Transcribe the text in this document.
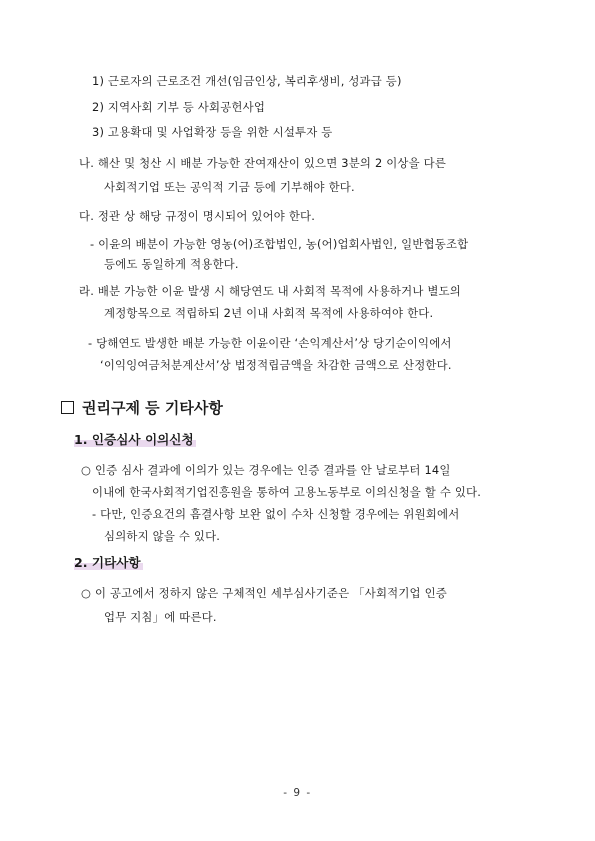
1) 근로자의 근로조건 개선(임금인상, 복리후생비, 성과급 등)
2) 지역사회 기부 등 사회공헌사업
3) 고용확대 및 사업확장 등을 위한 시설투자 등
나. 해산 및 청산 시 배분 가능한 잔여재산이 있으면 3분의 2 이상을 다른
사회적기업 또는 공익적 기금 등에 기부해야 한다.
다. 정관 상 해당 규정이 명시되어 있어야 한다.
- 이윤의 배분이 가능한 영농(어)조합법인, 농(어)업회사법인, 일반협동조합
등에도 동일하게 적용한다.
라. 배분 가능한 이윤 발생 시 해당연도 내 사회적 목적에 사용하거나 별도의
계정항목으로 적립하되 2년 이내 사회적 목적에 사용하여야 한다.
- 당해연도 발생한 배분 가능한 이윤이란 ‘손익계산서’상 당기순이익에서
‘이익잉여금처분계산서’상 법정적립금액을 차감한 금액으로 산정한다.
권리구제 등 기타사항
1. 인증심사 이의신청
○ 인증 심사 결과에 이의가 있는 경우에는 인증 결과를 안 날로부터 14일
이내에 한국사회적기업진흥원을 통하여 고용노동부로 이의신청을 할 수 있다.
- 다만, 인증요건의 흠결사항 보완 없이 수차 신청할 경우에는 위원회에서
심의하지 않을 수 있다.
2. 기타사항
○ 이 공고에서 정하지 않은 구체적인 세부심사기준은 「사회적기업 인증
업무 지침」에 따른다.
- 9 -
